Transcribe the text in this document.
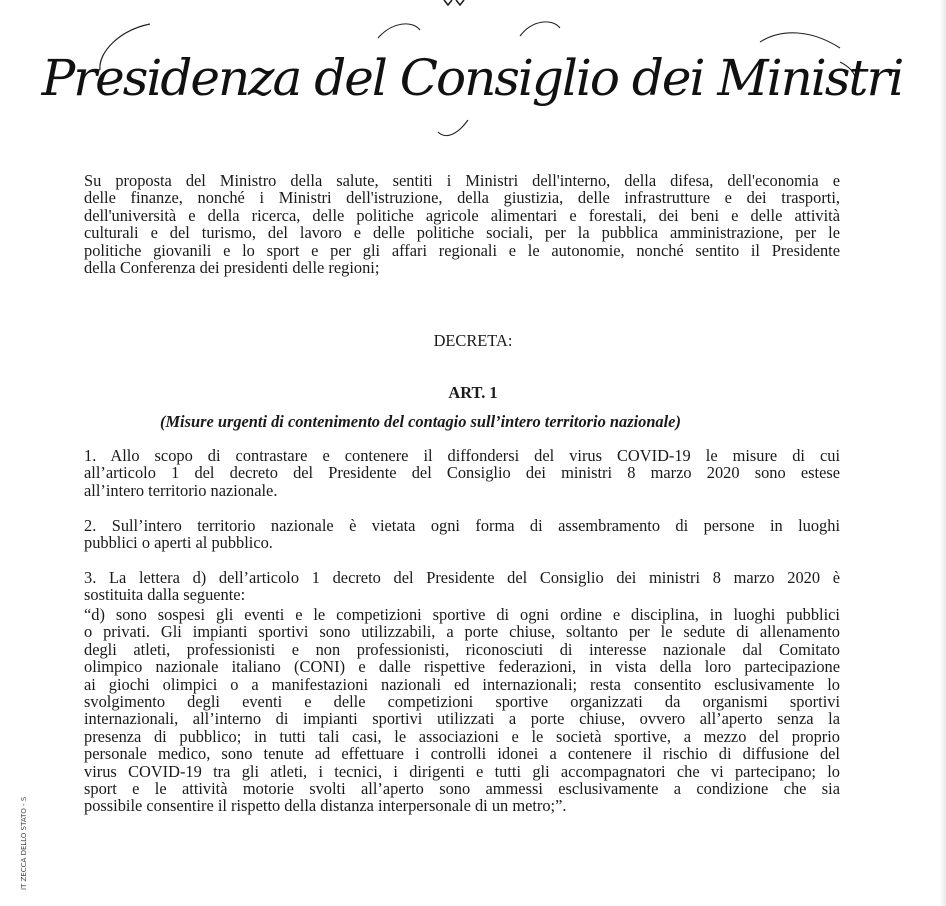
Presidenza del Consiglio dei Ministri
Su proposta del Ministro della salute, sentiti i Ministri dell'interno, della difesa, dell'economia e
delle finanze, nonché i Ministri dell'istruzione, della giustizia, delle infrastrutture e dei trasporti,
dell'università e della ricerca, delle politiche agricole alimentari e forestali, dei beni e delle attività
culturali e del turismo, del lavoro e delle politiche sociali, per la pubblica amministrazione, per le
politiche giovanili e lo sport e per gli affari regionali e le autonomie, nonché sentito il Presidente
della Conferenza dei presidenti delle regioni;
DECRETA:
ART. 1
(Misure urgenti di contenimento del contagio sull’intero territorio nazionale)
1. Allo scopo di contrastare e contenere il diffondersi del virus COVID-19 le misure di cui
all’articolo 1 del decreto del Presidente del Consiglio dei ministri 8 marzo 2020 sono estese
all’intero territorio nazionale.
2. Sull’intero territorio nazionale è vietata ogni forma di assembramento di persone in luoghi
pubblici o aperti al pubblico.
3. La lettera d) dell’articolo 1 decreto del Presidente del Consiglio dei ministri 8 marzo 2020 è
sostituita dalla seguente:
“d) sono sospesi gli eventi e le competizioni sportive di ogni ordine e disciplina, in luoghi pubblici
o privati. Gli impianti sportivi sono utilizzabili, a porte chiuse, soltanto per le sedute di allenamento
degli atleti, professionisti e non professionisti, riconosciuti di interesse nazionale dal Comitato
olimpico nazionale italiano (CONI) e dalle rispettive federazioni, in vista della loro partecipazione
ai giochi olimpici o a manifestazioni nazionali ed internazionali; resta consentito esclusivamente lo
svolgimento degli eventi e delle competizioni sportive organizzati da organismi sportivi
internazionali, all’interno di impianti sportivi utilizzati a porte chiuse, ovvero all’aperto senza la
presenza di pubblico; in tutti tali casi, le associazioni e le società sportive, a mezzo del proprio
personale medico, sono tenute ad effettuare i controlli idonei a contenere il rischio di diffusione del
virus COVID-19 tra gli atleti, i tecnici, i dirigenti e tutti gli accompagnatori che vi partecipano; lo
sport e le attività motorie svolti all’aperto sono ammessi esclusivamente a condizione che sia
possibile consentire il rispetto della distanza interpersonale di un metro;”.
IT ZECCA DELLO STATO - S
